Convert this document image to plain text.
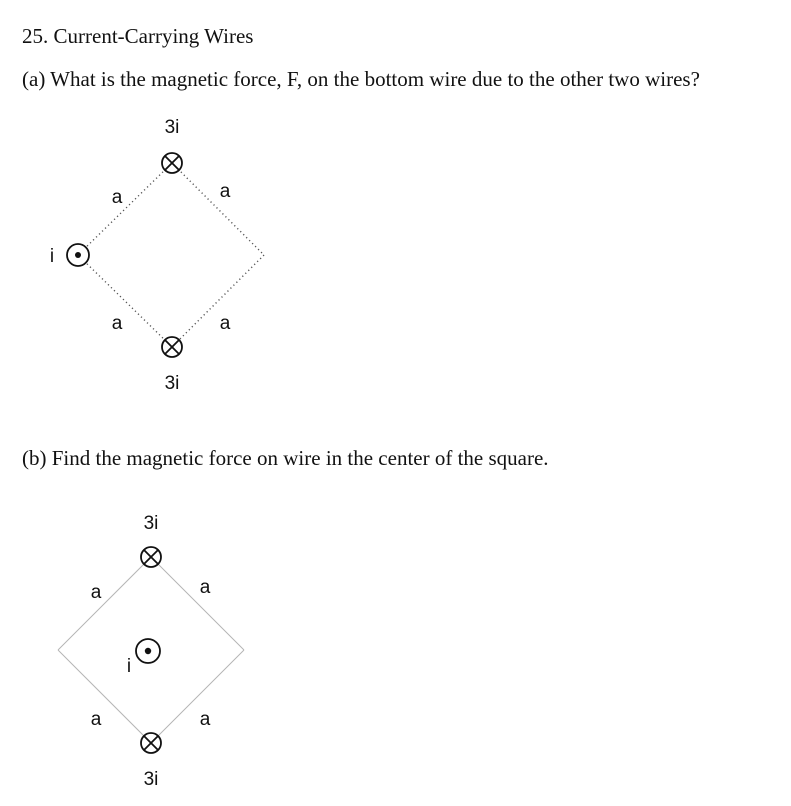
25. Current-Carrying Wires
(a) What is the magnetic force, F, on the bottom wire due to the other two wires?
3i
i
3i
a	a
a	a
(b) Find the magnetic force on wire in the center of the square.
3i
i
3i
a	a
a	a
